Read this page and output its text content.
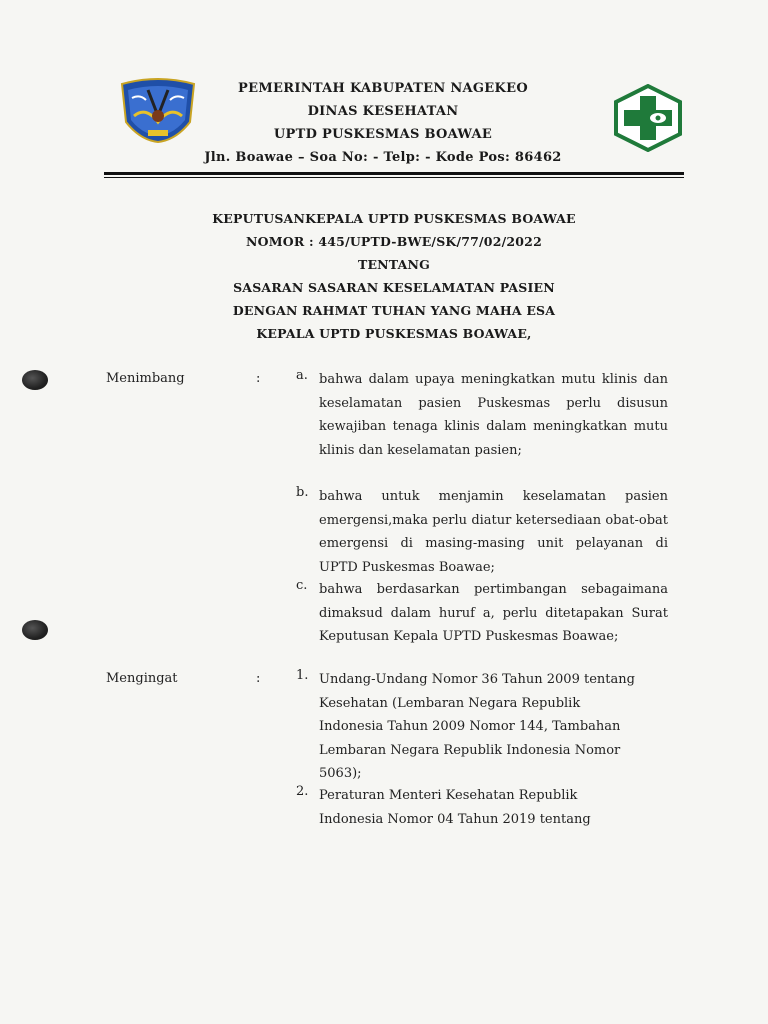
PEMERINTAH KABUPATEN NAGEKEO
DINAS KESEHATAN
UPTD PUSKESMAS BOAWAE
Jln. Boawae – Soa No: - Telp: - Kode Pos: 86462
KEPUTUSANKEPALA UPTD PUSKESMAS BOAWAE
NOMOR : 445/UPTD-BWE/SK/77/02/2022
TENTANG
SASARAN SASARAN KESELAMATAN PASIEN
DENGAN RAHMAT TUHAN YANG MAHA ESA
KEPALA UPTD PUSKESMAS BOAWAE,
Menimbang	:	a. bahwa dalam upaya meningkatkan mutu klinis dan keselamatan pasien Puskesmas perlu disusun kewajiban tenaga klinis dalam meningkatkan mutu klinis dan keselamatan pasien;
b. bahwa untuk menjamin keselamatan pasien emergensi,maka perlu diatur ketersediaan obat-obat emergensi di masing-masing unit pelayanan di UPTD Puskesmas Boawae;
c. bahwa berdasarkan pertimbangan sebagaimana dimaksud dalam huruf a, perlu ditetapakan Surat Keputusan Kepala UPTD Puskesmas Boawae;
Mengingat	:	1. Undang-Undang Nomor 36 Tahun 2009 tentang Kesehatan (Lembaran Negara Republik Indonesia Tahun 2009 Nomor 144, Tambahan Lembaran Negara Republik Indonesia Nomor 5063);
2. Peraturan Menteri Kesehatan Republik Indonesia Nomor 04 Tahun 2019 tentang
